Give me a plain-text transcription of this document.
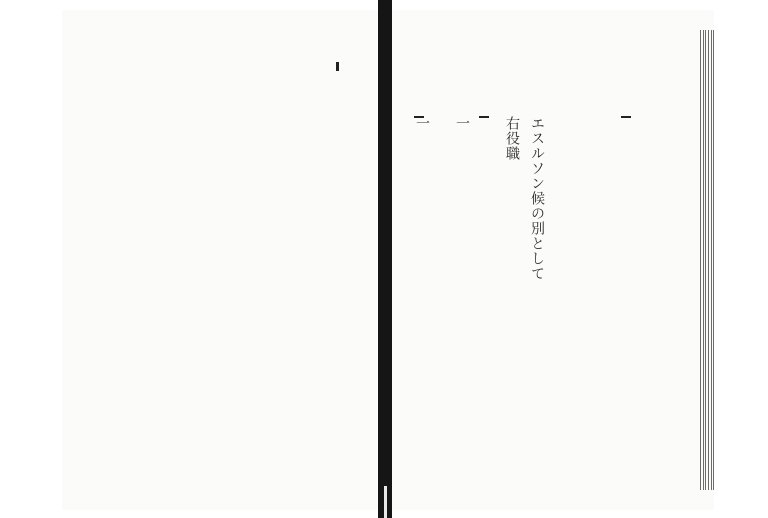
エスルソン候の別として
右役職
一
一
